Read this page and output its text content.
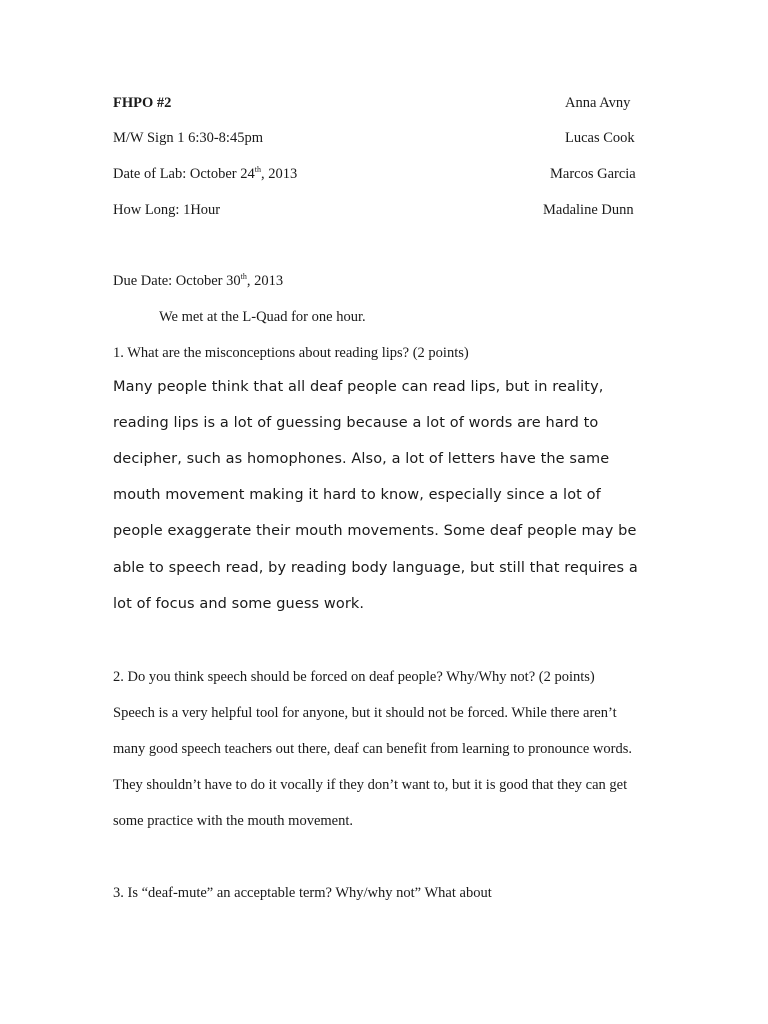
FHPO #2
M/W Sign 1 6:30-8:45pm
Date of Lab: October 24th, 2013
How Long: 1Hour
Anna Avny
Lucas Cook
Marcos Garcia
Madaline Dunn
Due Date: October 30th, 2013
We met at the L-Quad for one hour.
1. What are the misconceptions about reading lips? (2 points)
Many people think that all deaf people can read lips, but in reality,
reading lips is a lot of guessing because a lot of words are hard to
decipher, such as homophones. Also, a lot of letters have the same
mouth movement making it hard to know, especially since a lot of
people exaggerate their mouth movements. Some deaf people may be
able to speech read, by reading body language, but still that requires a
lot of focus and some guess work.
2. Do you think speech should be forced on deaf people? Why/Why not? (2 points)
Speech is a very helpful tool for anyone, but it should not be forced. While there aren’t
many good speech teachers out there, deaf can benefit from learning to pronounce words.
They shouldn’t have to do it vocally if they don’t want to, but it is good that they can get
some practice with the mouth movement.
3. Is “deaf-mute” an acceptable term? Why/why not” What about
